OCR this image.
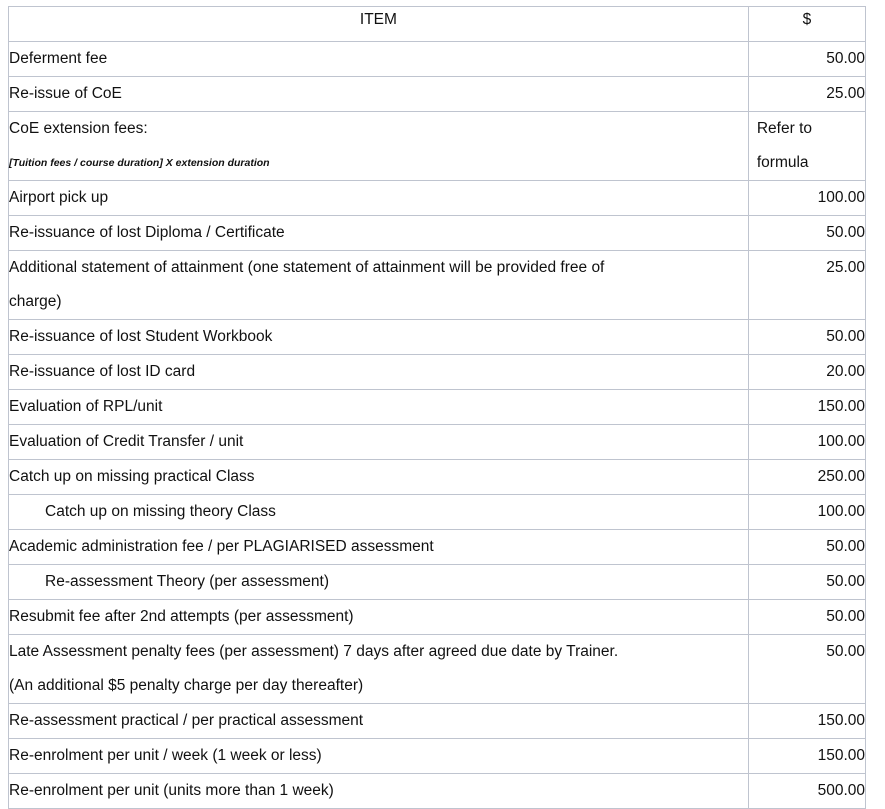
ITEM	$

Deferment fee	50.00

Re-issue of CoE	25.00

CoE extension fees:
[Tuition fees / course duration] X extension duration	Refer to
formula

Airport pick up	100.00

Re-issuance of lost Diploma / Certificate	50.00

Additional statement of attainment (one statement of attainment will be provided free of
charge)	25.00

Re-issuance of lost Student Workbook	50.00

Re-issuance of lost ID card	20.00

Evaluation of RPL/unit	150.00

Evaluation of Credit Transfer / unit	100.00

Catch up on missing practical Class	250.00

Catch up on missing theory Class	100.00

Academic administration fee / per PLAGIARISED assessment	50.00

Re-assessment Theory (per assessment)	50.00

Resubmit fee after 2nd attempts (per assessment)	50.00

Late Assessment penalty fees (per assessment) 7 days after agreed due date by Trainer.
(An additional $5 penalty charge per day thereafter)	50.00

Re-assessment practical / per practical assessment	150.00

Re-enrolment per unit / week (1 week or less)	150.00

Re-enrolment per unit (units more than 1 week)	500.00
